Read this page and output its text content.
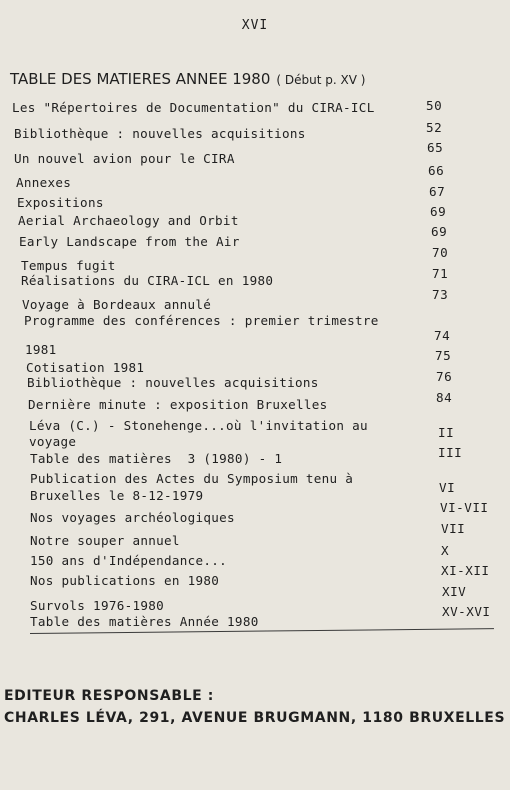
XVI
TABLE DES MATIERES ANNEE 1980 ( Début p. XV )
Les "Répertoires de Documentation" du CIRA-ICL
Bibliothèque : nouvelles acquisitions
Un nouvel avion pour le CIRA
Annexes
Expositions
Aerial Archaeology and Orbit
Early Landscape from the Air
Tempus fugit
Réalisations du CIRA-ICL en 1980
Voyage à Bordeaux annulé
Programme des conférences : premier trimestre
1981
Cotisation 1981
Bibliothèque : nouvelles acquisitions
Dernière minute : exposition Bruxelles
Léva (C.) - Stonehenge...où l'invitation au
voyage
Table des matières  3 (1980) - 1
Publication des Actes du Symposium tenu à
Bruxelles le 8-12-1979
Nos voyages archéologiques
Notre souper annuel
150 ans d'Indépendance...
Nos publications en 1980
Survols 1976-1980
Table des matières Année 1980
50
52
65
66
67
69
69
70
71
73
74
75
76
84
II
III
VI
VI-VII
VII
X
XI-XII
XIV
XV-XVI
EDITEUR RESPONSABLE :
CHARLES LÉVA, 291, AVENUE BRUGMANN, 1180 BRUXELLES
